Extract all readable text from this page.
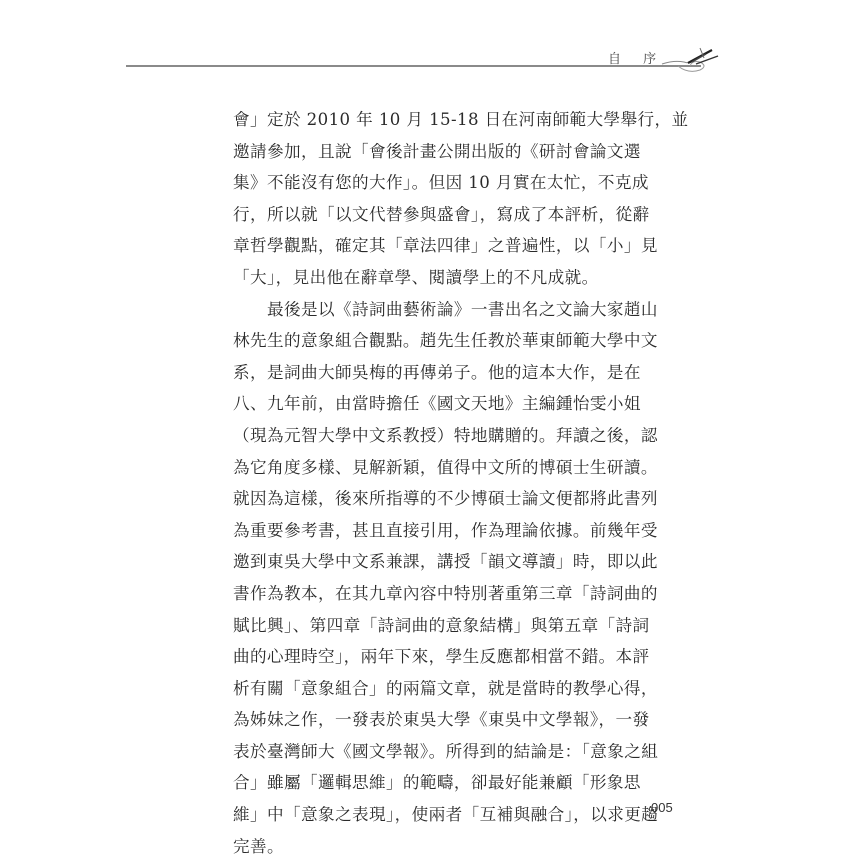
自 序
會」定於 2010 年 10 月 15-18 日在河南師範大學舉行，並
邀請參加，且說「會後計畫公開出版的《研討會論文選
集》不能沒有您的大作」。但因 10 月實在太忙，不克成
行，所以就「以文代替參與盛會」，寫成了本評析，從辭
章哲學觀點，確定其「章法四律」之普遍性，以「小」見
「大」，見出他在辭章學、閱讀學上的不凡成就。
　　最後是以《詩詞曲藝術論》一書出名之文論大家趙山
林先生的意象組合觀點。趙先生任教於華東師範大學中文
系，是詞曲大師吳梅的再傳弟子。他的這本大作，是在
八、九年前，由當時擔任《國文天地》主編鍾怡雯小姐
（現為元智大學中文系教授）特地購贈的。拜讀之後，認
為它角度多樣、見解新穎，值得中文所的博碩士生研讀。
就因為這樣，後來所指導的不少博碩士論文便都將此書列
為重要參考書，甚且直接引用，作為理論依據。前幾年受
邀到東吳大學中文系兼課，講授「韻文導讀」時，即以此
書作為教本，在其九章內容中特別著重第三章「詩詞曲的
賦比興」、第四章「詩詞曲的意象結構」與第五章「詩詞
曲的心理時空」，兩年下來，學生反應都相當不錯。本評
析有關「意象組合」的兩篇文章，就是當時的教學心得，
為姊妹之作，一發表於東吳大學《東吳中文學報》，一發
表於臺灣師大《國文學報》。所得到的結論是：「意象之組
合」雖屬「邏輯思維」的範疇，卻最好能兼顧「形象思
維」中「意象之表現」，使兩者「互補與融合」，以求更趨
完善。
005
